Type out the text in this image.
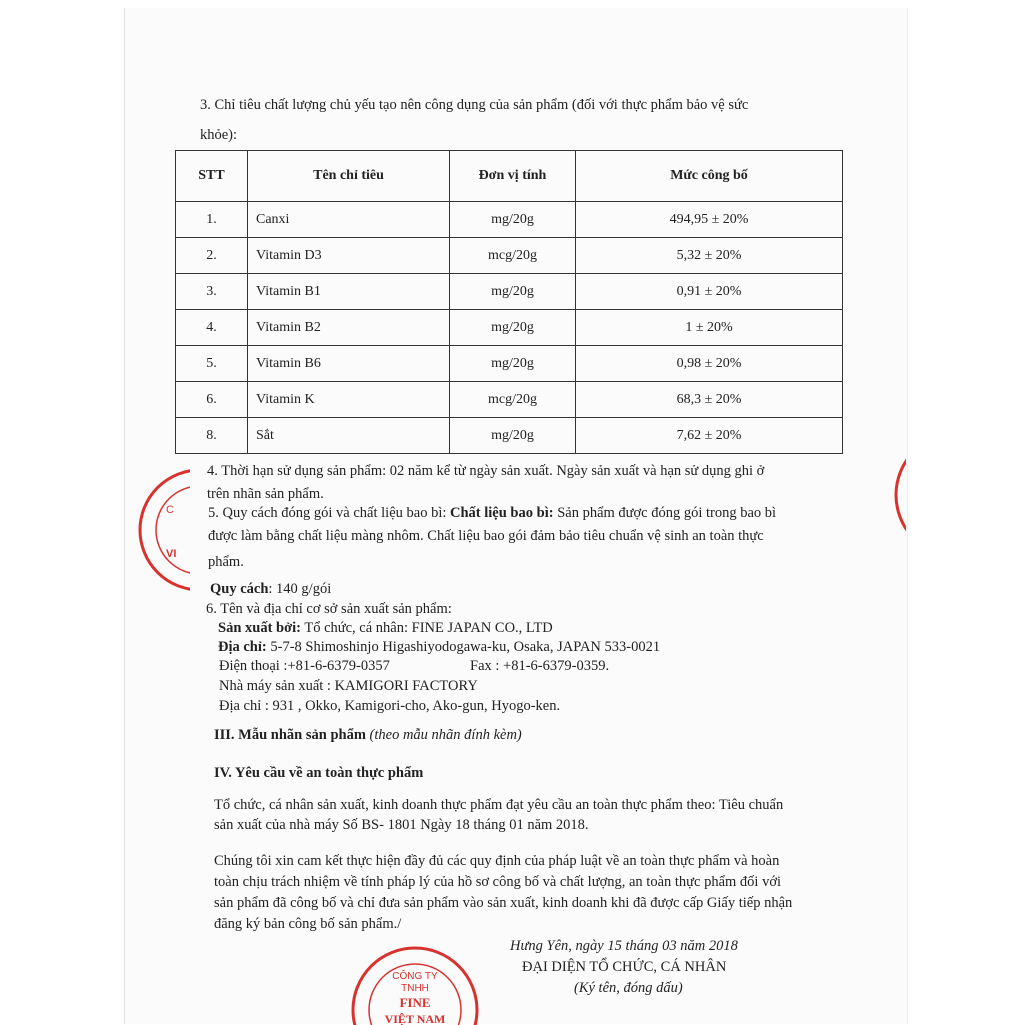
3. Chỉ tiêu chất lượng chủ yếu tạo nên công dụng của sản phẩm (đối với thực phẩm bảo vệ sức
khỏe):
STT	Tên chỉ tiêu	Đơn vị tính	Mức công bố
1.	Canxi	mg/20g	494,95 ± 20%
2.	Vitamin D3	mcg/20g	5,32 ± 20%
3.	Vitamin B1	mg/20g	0,91 ± 20%
4.	Vitamin B2	mg/20g	1 ± 20%
5.	Vitamin B6	mg/20g	0,98 ± 20%
6.	Vitamin K	mcg/20g	68,3 ± 20%
8.	Sắt	mg/20g	7,62 ± 20%
4. Thời hạn sử dụng sản phẩm: 02 năm kể từ ngày sản xuất. Ngày sản xuất và hạn sử dụng ghi ở
trên nhãn sản phẩm.
5. Quy cách đóng gói và chất liệu bao bì: Chất liệu bao bì: Sản phẩm được đóng gói trong bao bì
được làm bằng chất liệu màng nhôm. Chất liệu bao gói đảm bảo tiêu chuẩn vệ sinh an toàn thực
phẩm.
Quy cách: 140 g/gói
6. Tên và địa chỉ cơ sở sản xuất sản phẩm:
Sản xuất bởi: Tổ chức, cá nhân: FINE JAPAN CO., LTD
Địa chỉ: 5-7-8 Shimoshinjo Higashiyodogawa-ku, Osaka, JAPAN 533-0021
Điện thoại :+81-6-6379-0357	Fax : +81-6-6379-0359.
Nhà máy sản xuất : KAMIGORI FACTORY
Địa chỉ : 931 , Okko, Kamigori-cho, Ako-gun, Hyogo-ken.
III. Mẫu nhãn sản phẩm (theo mẫu nhãn đính kèm)
IV. Yêu cầu về an toàn thực phẩm
Tổ chức, cá nhân sản xuất, kinh doanh thực phẩm đạt yêu cầu an toàn thực phẩm theo: Tiêu chuẩn
sản xuất của nhà máy Số BS- 1801 Ngày 18 tháng 01 năm 2018.
Chúng tôi xin cam kết thực hiện đầy đủ các quy định của pháp luật về an toàn thực phẩm và hoàn
toàn chịu trách nhiệm về tính pháp lý của hồ sơ công bố và chất lượng, an toàn thực phẩm đối với
sản phẩm đã công bố và chỉ đưa sản phẩm vào sản xuất, kinh doanh khi đã được cấp Giấy tiếp nhận
đăng ký bản công bố sản phẩm./
CÔNG TY
TNHH
FINE
VIỆT NAM
Hưng Yên, ngày 15 tháng 03 năm 2018
ĐẠI DIỆN TỔ CHỨC, CÁ NHÂN
(Ký tên, đóng dấu)
VI
C
